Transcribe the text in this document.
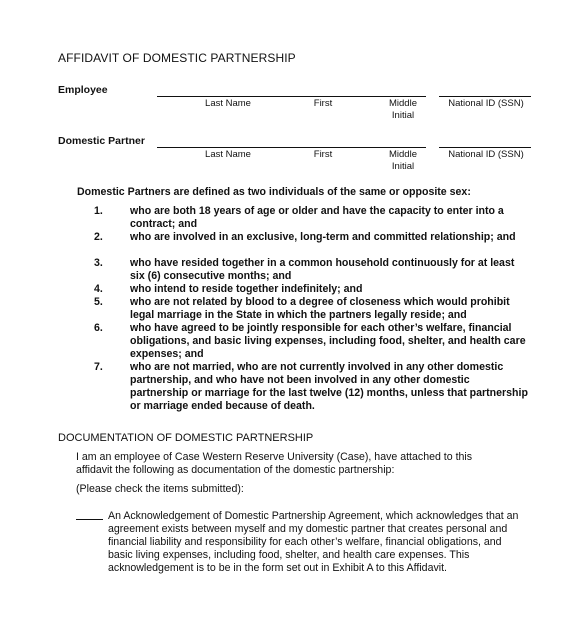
AFFIDAVIT OF DOMESTIC PARTNERSHIP
Employee
Last Name	First	Middle Initial
National ID (SSN)
Domestic Partner
Last Name	First	Middle Initial
National ID (SSN)
Domestic Partners are defined as two individuals of the same or opposite sex:
1.	who are both 18 years of age or older and have the capacity to enter into a contract; and
2.	who are involved in an exclusive, long-term and committed relationship; and
3.	who have resided together in a common household continuously for at least six (6) consecutive months; and
4.	who intend to reside together indefinitely; and
5.	who are not related by blood to a degree of closeness which would prohibit legal marriage in the State in which the partners legally reside; and
6.	who have agreed to be jointly responsible for each other’s welfare, financial obligations, and basic living expenses, including food, shelter, and health care expenses; and
7.	who are not married, who are not currently involved in any other domestic partnership, and who have not been involved in any other domestic partnership or marriage for the last twelve (12) months, unless that partnership or marriage ended because of death.
DOCUMENTATION OF DOMESTIC PARTNERSHIP
I am an employee of Case Western Reserve University (Case), have attached to this affidavit the following as documentation of the domestic partnership:
(Please check the items submitted):
An Acknowledgement of Domestic Partnership Agreement, which acknowledges that an agreement exists between myself and my domestic partner that creates personal and financial liability and responsibility for each other’s welfare, financial obligations, and basic living expenses, including food, shelter, and health care expenses. This acknowledgement is to be in the form set out in Exhibit A to this Affidavit.
